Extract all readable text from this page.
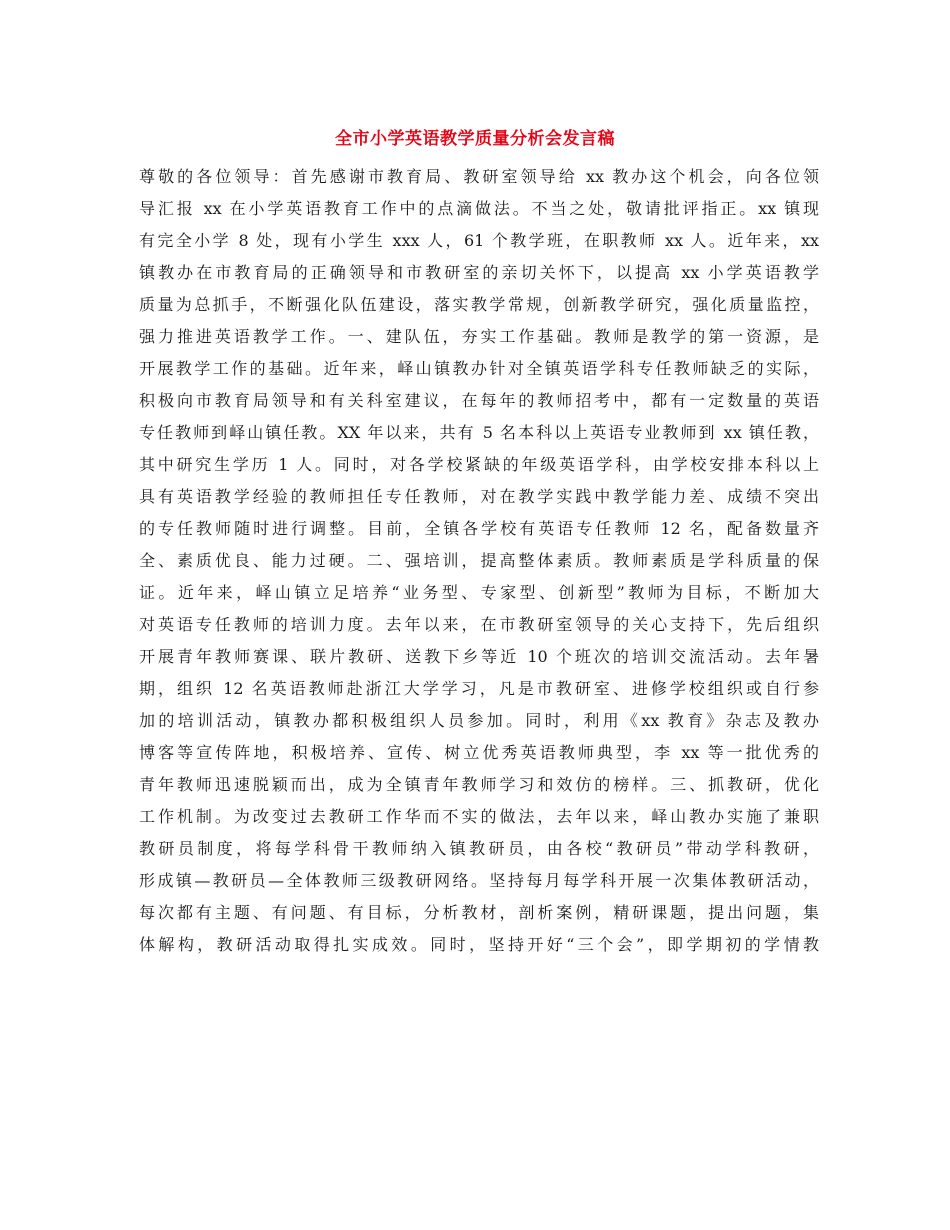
全市小学英语教学质量分析会发言稿
尊敬的各位领导：首先感谢市教育局、教研室领导给 xx 教办这个机会，向各位领
导汇报 xx 在小学英语教育工作中的点滴做法。不当之处，敬请批评指正。xx 镇现
有完全小学 8 处，现有小学生 xxx 人，61 个教学班，在职教师 xx 人。近年来，xx
镇教办在市教育局的正确领导和市教研室的亲切关怀下，以提高 xx 小学英语教学
质量为总抓手，不断强化队伍建设，落实教学常规，创新教学研究，强化质量监控，
强力推进英语教学工作。一、建队伍，夯实工作基础。教师是教学的第一资源，是
开展教学工作的基础。近年来，峄山镇教办针对全镇英语学科专任教师缺乏的实际，
积极向市教育局领导和有关科室建议，在每年的教师招考中，都有一定数量的英语
专任教师到峄山镇任教。XX 年以来，共有 5 名本科以上英语专业教师到 xx 镇任教，
其中研究生学历 1 人。同时，对各学校紧缺的年级英语学科，由学校安排本科以上
具有英语教学经验的教师担任专任教师，对在教学实践中教学能力差、成绩不突出
的专任教师随时进行调整。目前，全镇各学校有英语专任教师 12 名，配备数量齐
全、素质优良、能力过硬。二、强培训，提高整体素质。教师素质是学科质量的保
证。近年来，峄山镇立足培养“业务型、专家型、创新型”教师为目标，不断加大
对英语专任教师的培训力度。去年以来，在市教研室领导的关心支持下，先后组织
开展青年教师赛课、联片教研、送教下乡等近 10 个班次的培训交流活动。去年暑
期，组织 12 名英语教师赴浙江大学学习，凡是市教研室、进修学校组织或自行参
加的培训活动，镇教办都积极组织人员参加。同时，利用《xx 教育》杂志及教办
博客等宣传阵地，积极培养、宣传、树立优秀英语教师典型，李 xx 等一批优秀的
青年教师迅速脱颖而出，成为全镇青年教师学习和效仿的榜样。三、抓教研，优化
工作机制。为改变过去教研工作华而不实的做法，去年以来，峄山教办实施了兼职
教研员制度，将每学科骨干教师纳入镇教研员，由各校“教研员”带动学科教研，
形成镇—教研员—全体教师三级教研网络。坚持每月每学科开展一次集体教研活动，
每次都有主题、有问题、有目标，分析教材，剖析案例，精研课题，提出问题，集
体解构，教研活动取得扎实成效。同时，坚持开好“三个会”，即学期初的学情教
